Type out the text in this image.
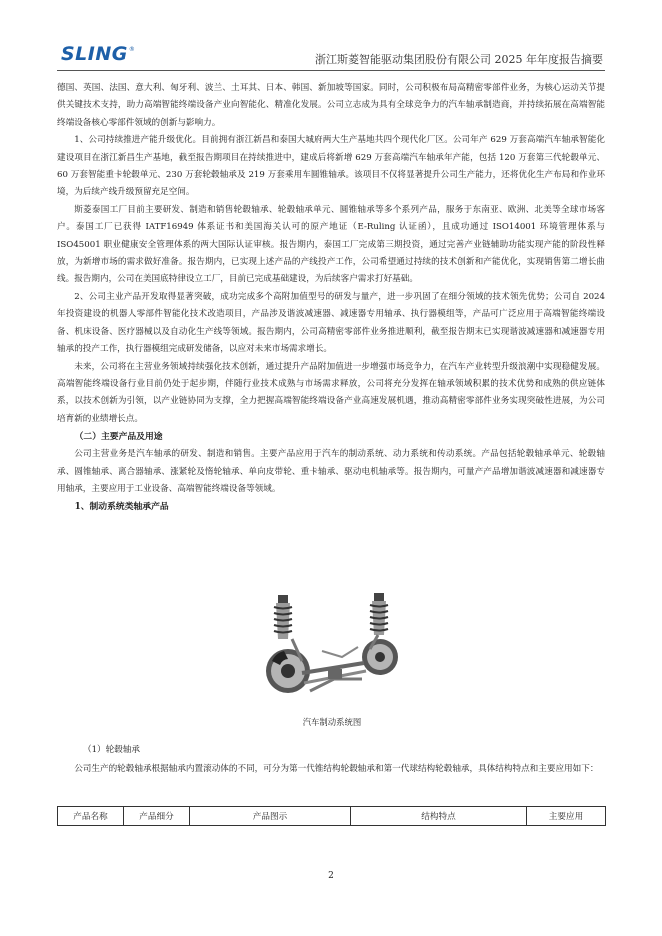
SLING ®
浙江斯菱智能驱动集团股份有限公司 2025 年年度报告摘要

德国、英国、法国、意大利、匈牙利、波兰、土耳其、日本、韩国、新加坡等国家。同时，公司积极布局高精密零部件业务，为核心运动关节提供关键技术支持，助力高端智能终端设备产业向智能化、精准化发展。公司立志成为具有全球竞争力的汽车轴承制造商，并持续拓展在高端智能终端设备核心零部件领域的创新与影响力。

1、公司持续推进产能升级优化。目前拥有浙江新昌和泰国大城府两大生产基地共四个现代化厂区。公司年产 629 万套高端汽车轴承智能化建设项目在浙江新昌生产基地，截至报告期项目在持续推进中，建成后将新增 629 万套高端汽车轴承年产能，包括 120 万套第三代轮毂单元、60 万套智能重卡轮毂单元、230 万套轮毂轴承及 219 万套乘用车圆锥轴承。该项目不仅将显著提升公司生产能力，还将优化生产布局和作业环境，为后续产线升级预留充足空间。

斯菱泰国工厂目前主要研发、制造和销售轮毂轴承、轮毂轴承单元、圆锥轴承等多个系列产品，服务于东南亚、欧洲、北美等全球市场客户。泰国工厂已获得 IATF16949 体系证书和美国海关认可的原产地证（E-Ruling 认证函），且成功通过 ISO14001 环境管理体系与 ISO45001 职业健康安全管理体系的两大国际认证审核。报告期内，泰国工厂完成第三期投资，通过完善产业链辅助功能实现产能的阶段性释放，为新增市场的需求做好准备。报告期内，已实现上述产品的产线投产工作，公司希望通过持续的技术创新和产能优化，实现销售第二增长曲线。报告期内，公司在美国底特律设立工厂，目前已完成基础建设，为后续客户需求打好基础。

2、公司主业产品开发取得显著突破，成功完成多个高附加值型号的研发与量产，进一步巩固了在细分领域的技术领先优势；公司自 2024 年投资建设的机器人零部件智能化技术改造项目，产品涉及谐波减速器、减速器专用轴承、执行器模组等，产品可广泛应用于高端智能终端设备、机床设备、医疗器械以及自动化生产线等领域。报告期内，公司高精密零部件业务推进顺利，截至报告期末已实现谐波减速器和减速器专用轴承的投产工作，执行器模组完成研发储备，以应对未来市场需求增长。

未来，公司将在主营业务领域持续强化技术创新，通过提升产品附加值进一步增强市场竞争力，在汽车产业转型升级浪潮中实现稳健发展。高端智能终端设备行业目前仍处于起步期，伴随行业技术成熟与市场需求释放，公司将充分发挥在轴承领域积累的技术优势和成熟的供应链体系，以技术创新为引领，以产业链协同为支撑，全力把握高端智能终端设备产业高速发展机遇，推动高精密零部件业务实现突破性进展，为公司培育新的业绩增长点。

（二）主要产品及用途

公司主营业务是汽车轴承的研发、制造和销售。主要产品应用于汽车的制动系统、动力系统和传动系统。产品包括轮毂轴承单元、轮毂轴承、圆锥轴承、离合器轴承、涨紧轮及惰轮轴承、单向皮带轮、重卡轴承、驱动电机轴承等。报告期内，可量产产品增加谐波减速器和减速器专用轴承，主要应用于工业设备、高端智能终端设备等领域。

1、制动系统类轴承产品

汽车制动系统图
（1）轮毂轴承

公司生产的轮毂轴承根据轴承内置滚动体的不同，可分为第一代锥结构轮毂轴承和第一代球结构轮毂轴承，具体结构特点和主要应用如下：

产品名称	产品细分	产品图示	结构特点	主要应用
2
